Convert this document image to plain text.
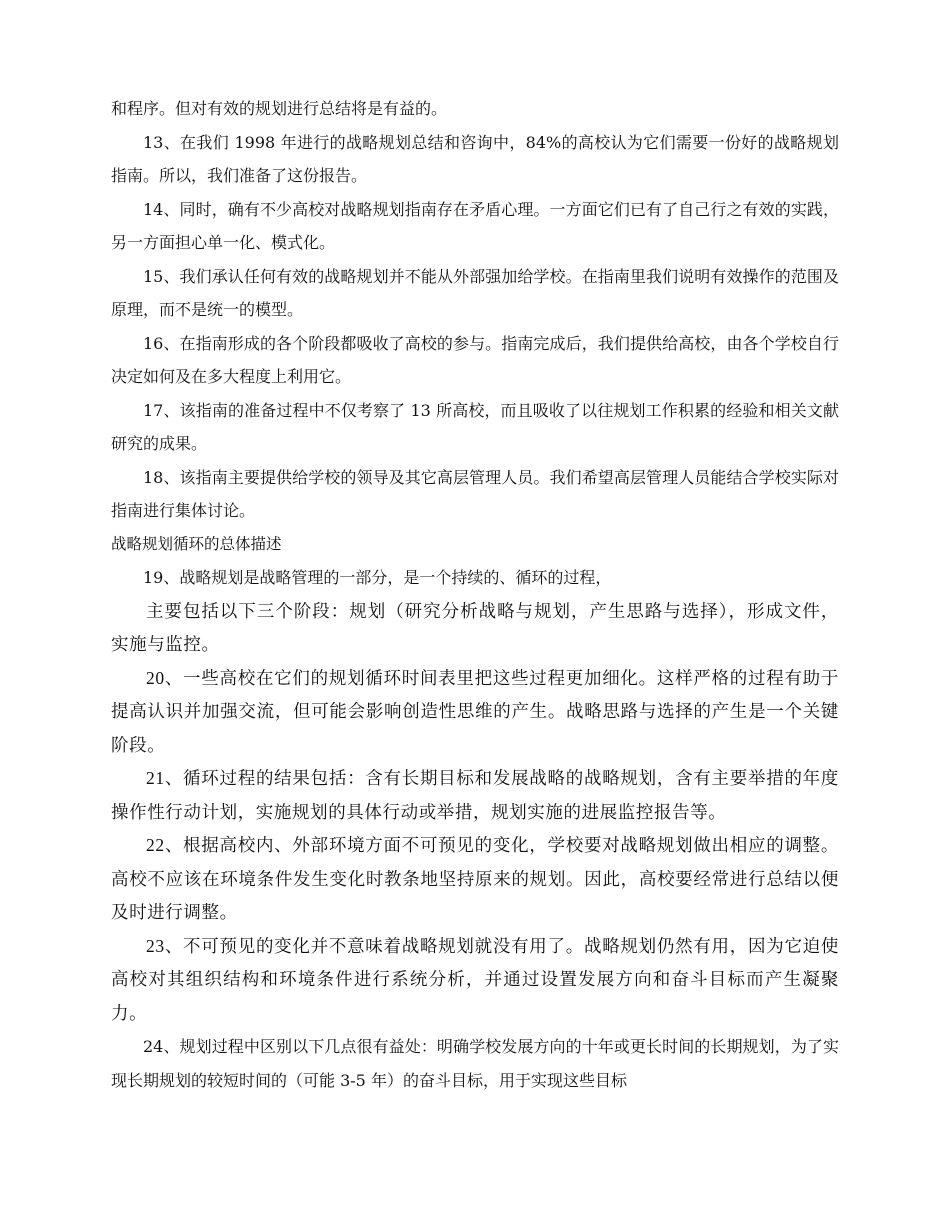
和程序。但对有效的规划进行总结将是有益的。

13、在我们 1998 年进行的战略规划总结和咨询中，84%的高校认为它们需要一份好的战略规划指南。所以，我们准备了这份报告。

14、同时，确有不少高校对战略规划指南存在矛盾心理。一方面它们已有了自己行之有效的实践，另一方面担心单一化、模式化。

15、我们承认任何有效的战略规划并不能从外部强加给学校。在指南里我们说明有效操作的范围及原理，而不是统一的模型。

16、在指南形成的各个阶段都吸收了高校的参与。指南完成后，我们提供给高校，由各个学校自行决定如何及在多大程度上利用它。

17、该指南的准备过程中不仅考察了 13 所高校，而且吸收了以往规划工作积累的经验和相关文献研究的成果。

18、该指南主要提供给学校的领导及其它高层管理人员。我们希望高层管理人员能结合学校实际对指南进行集体讨论。

战略规划循环的总体描述

19、战略规划是战略管理的一部分，是一个持续的、循环的过程，

主要包括以下三个阶段：规划（研究分析战略与规划，产生思路与选择），形成文件，实施与监控。

20、一些高校在它们的规划循环时间表里把这些过程更加细化。这样严格的过程有助于提高认识并加强交流，但可能会影响创造性思维的产生。战略思路与选择的产生是一个关键阶段。

21、循环过程的结果包括：含有长期目标和发展战略的战略规划，含有主要举措的年度操作性行动计划，实施规划的具体行动或举措，规划实施的进展监控报告等。

22、根据高校内、外部环境方面不可预见的变化，学校要对战略规划做出相应的调整。高校不应该在环境条件发生变化时教条地坚持原来的规划。因此，高校要经常进行总结以便及时进行调整。

23、不可预见的变化并不意味着战略规划就没有用了。战略规划仍然有用，因为它迫使高校对其组织结构和环境条件进行系统分析，并通过设置发展方向和奋斗目标而产生凝聚力。

24、规划过程中区别以下几点很有益处：明确学校发展方向的十年或更长时间的长期规划，为了实现长期规划的较短时间的（可能 3-5 年）的奋斗目标，用于实现这些目标
